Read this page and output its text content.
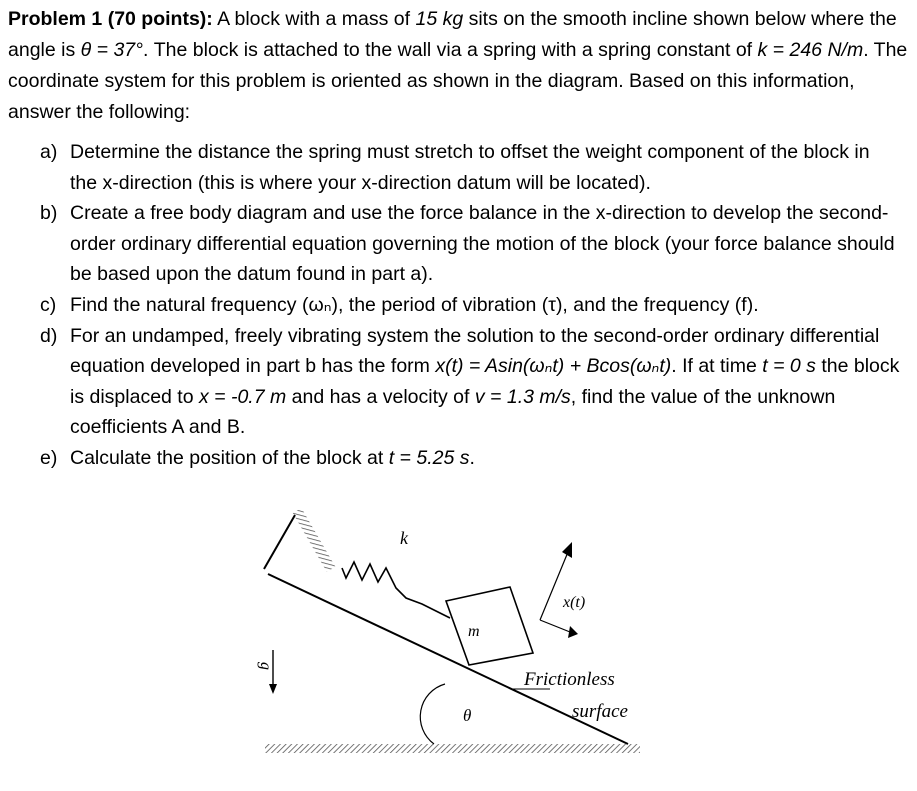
Problem 1 (70 points): A block with a mass of 15 kg sits on the smooth incline shown below where the angle is θ = 37°. The block is attached to the wall via a spring with a spring constant of k = 246 N/m. The coordinate system for this problem is oriented as shown in the diagram. Based on this information, answer the following:
a) Determine the distance the spring must stretch to offset the weight component of the block in the x-direction (this is where your x-direction datum will be located).
b) Create a free body diagram and use the force balance in the x-direction to develop the second-order ordinary differential equation governing the motion of the block (your force balance should be based upon the datum found in part a).
c) Find the natural frequency (ωₙ), the period of vibration (τ), and the frequency (f).
d) For an undamped, freely vibrating system the solution to the second-order ordinary differential equation developed in part b has the form x(t) = Asin(ωₙt) + Bcos(ωₙt). If at time t = 0 s the block is displaced to x = -0.7 m and has a velocity of v = 1.3 m/s, find the value of the unknown coefficients A and B.
e) Calculate the position of the block at t = 5.25 s.
k
m
x(t)
g
θ
Frictionless
surface
